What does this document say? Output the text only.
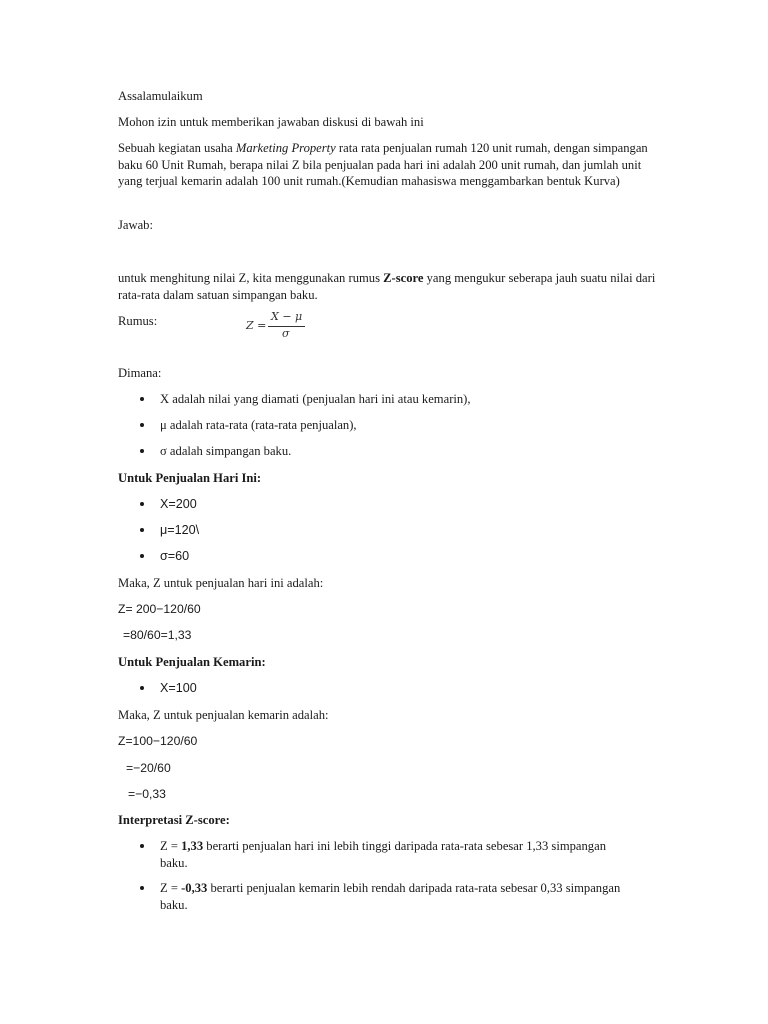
Assalamulaikum
Mohon izin untuk memberikan jawaban diskusi di bawah ini
Sebuah kegiatan usaha Marketing Property rata rata penjualan rumah 120 unit rumah, dengan simpangan baku 60 Unit Rumah, berapa nilai Z bila penjualan pada hari ini adalah 200 unit rumah, dan jumlah unit yang terjual kemarin adalah 100 unit rumah.(Kemudian mahasiswa menggambarkan bentuk Kurva)
Jawab:
untuk menghitung nilai Z, kita menggunakan rumus Z-score yang mengukur seberapa jauh suatu nilai dari rata-rata dalam satuan simpangan baku.
Rumus:	Z =
X − μ
σ
Dimana:
X adalah nilai yang diamati (penjualan hari ini atau kemarin),
μ adalah rata-rata (rata-rata penjualan),
σ adalah simpangan baku.
Untuk Penjualan Hari Ini:
X=200
μ=120\
σ=60
Maka, Z untuk penjualan hari ini adalah:
Z= 200−120/60
=80/60=1,33
Untuk Penjualan Kemarin:
X=100
Maka, Z untuk penjualan kemarin adalah:
Z=100−120/60
=−20/60
=−0,33
Interpretasi Z-score:
Z = 1,33 berarti penjualan hari ini lebih tinggi daripada rata-rata sebesar 1,33 simpangan baku.
Z = -0,33 berarti penjualan kemarin lebih rendah daripada rata-rata sebesar 0,33 simpangan baku.
